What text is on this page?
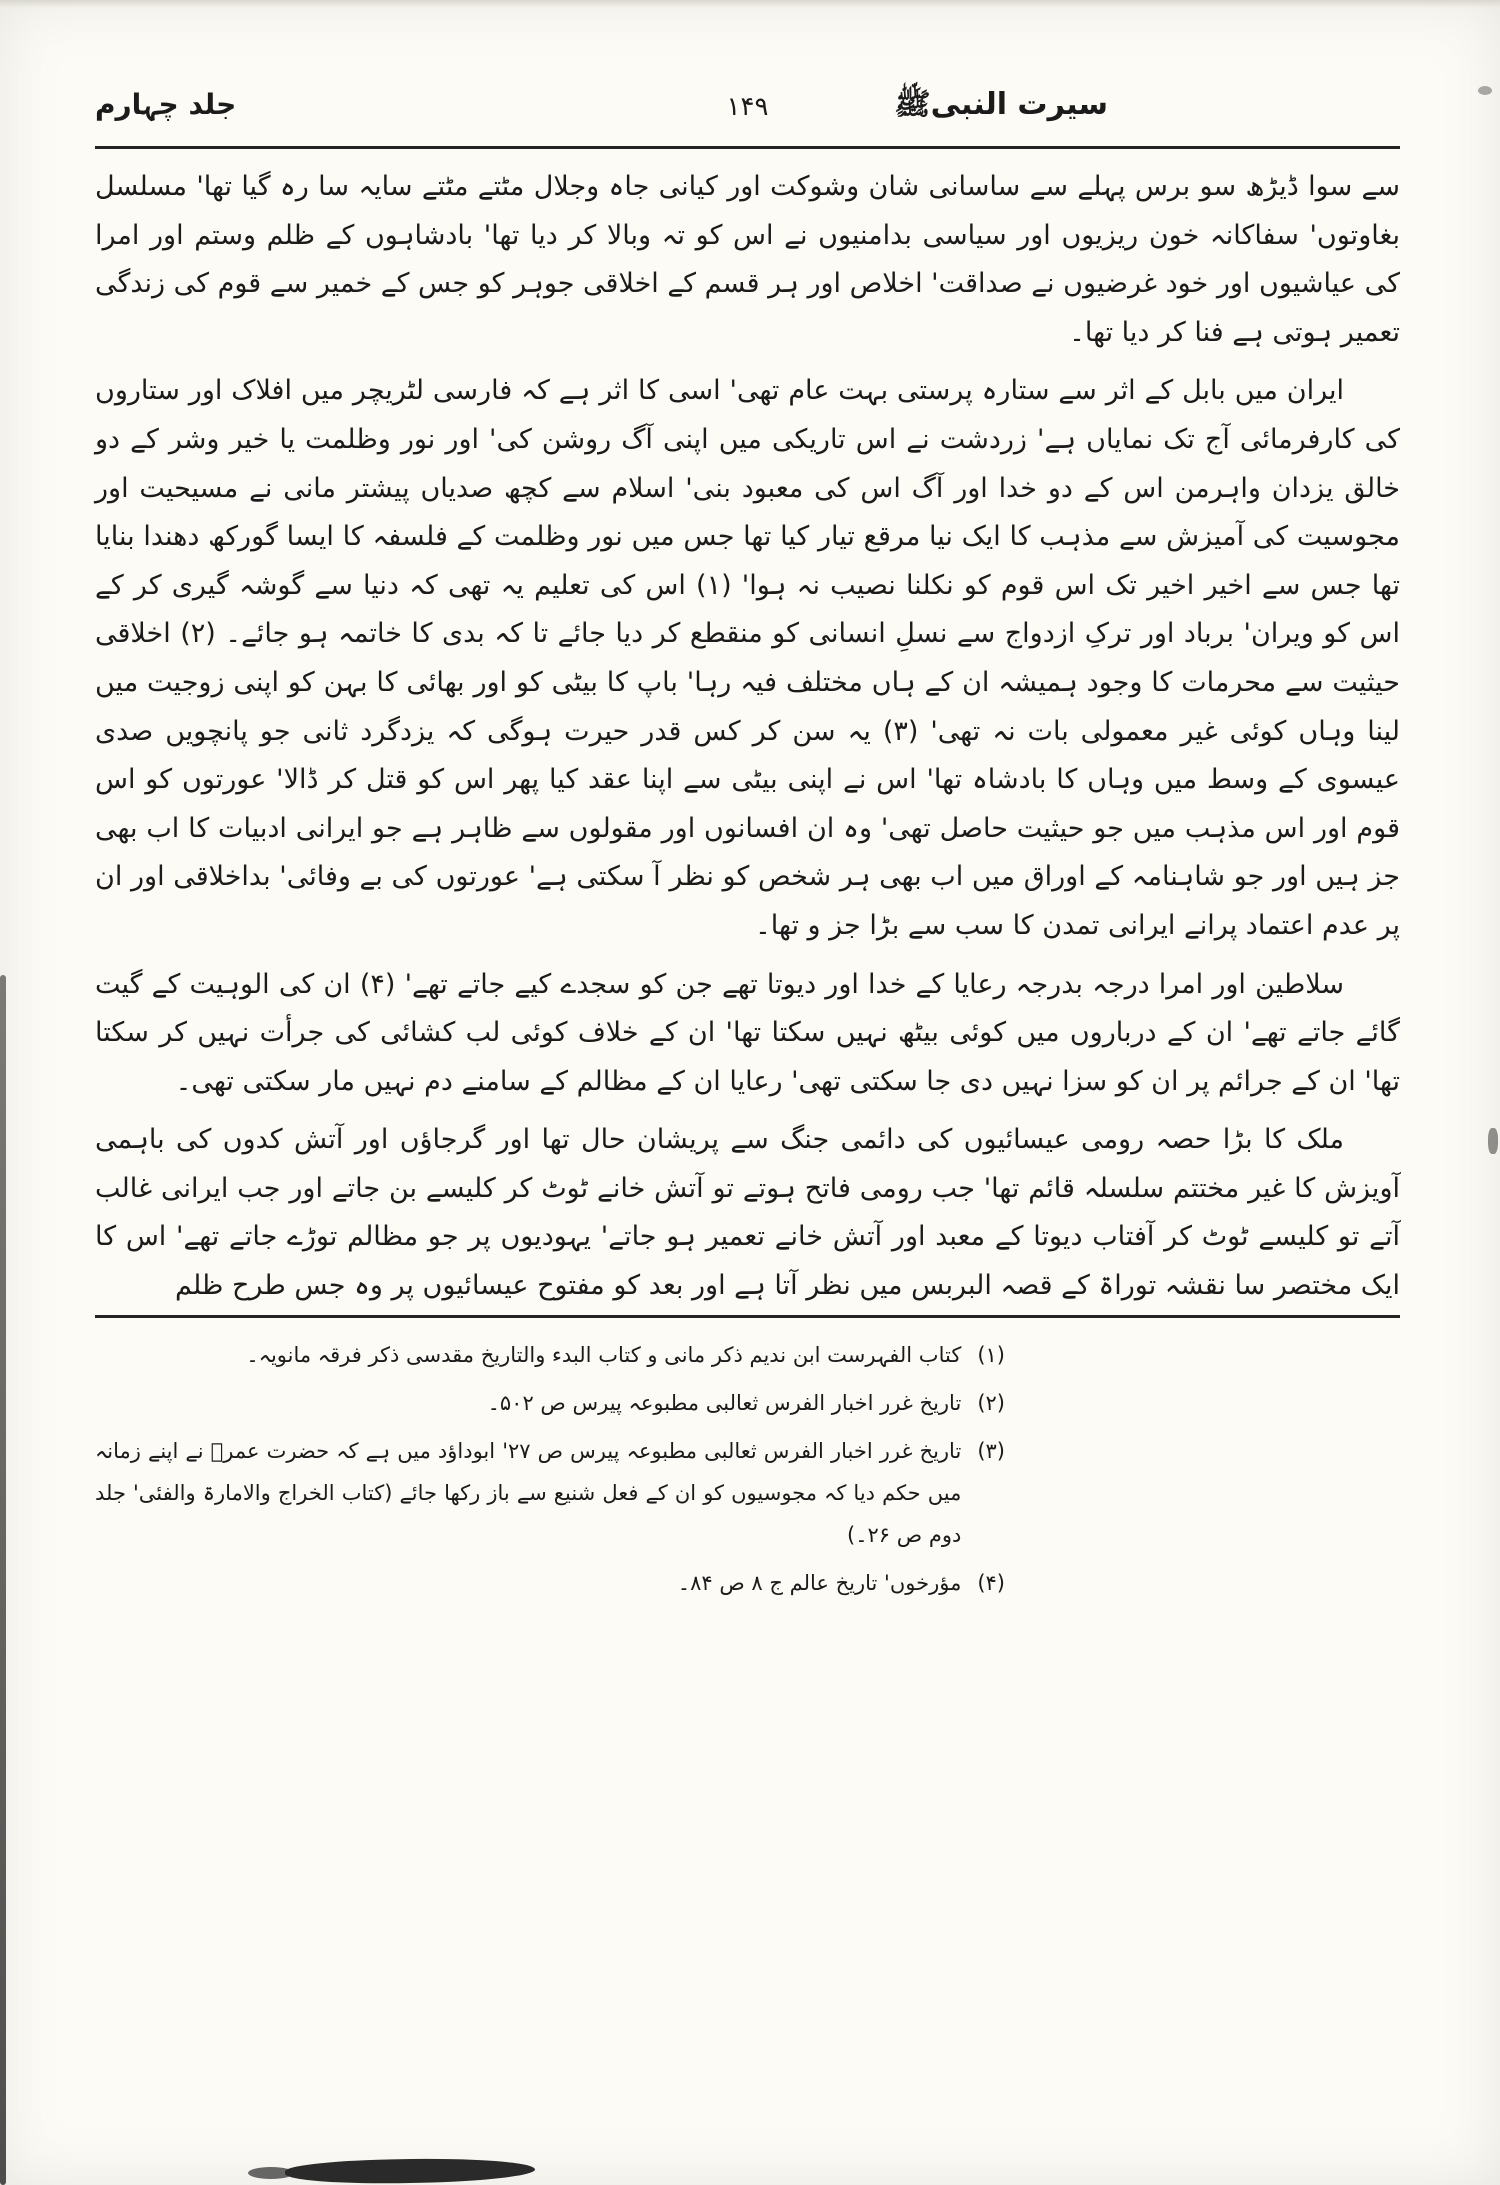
سیرت النبیﷺ
۱۴۹
جلد چہارم

سے سوا ڈیڑھ سو برس پہلے سے ساسانی شان وشوکت اور کیانی جاہ وجلال مٹتے مٹتے سایہ سا رہ گیا تھا' مسلسل بغاوتوں' سفاکانہ خون ریزیوں اور سیاسی بدامنیوں نے اس کو تہ وبالا کر دیا تھا' بادشاہوں کے ظلم وستم اور امرا کی عیاشیوں اور خود غرضیوں نے صداقت' اخلاص اور ہر قسم کے اخلاقی جوہر کو جس کے خمیر سے قوم کی زندگی تعمیر ہوتی ہے فنا کر دیا تھا۔

ایران میں بابل کے اثر سے ستارہ پرستی بہت عام تھی' اسی کا اثر ہے کہ فارسی لٹریچر میں افلاک اور ستاروں کی کارفرمائی آج تک نمایاں ہے' زردشت نے اس تاریکی میں اپنی آگ روشن کی' اور نور وظلمت یا خیر وشر کے دو خالق یزدان واہرمن اس کے دو خدا اور آگ اس کی معبود بنی' اسلام سے کچھ صدیاں پیشتر مانی نے مسیحیت اور مجوسیت کی آمیزش سے مذہب کا ایک نیا مرقع تیار کیا تھا جس میں نور وظلمت کے فلسفہ کا ایسا گورکھ دھندا بنایا تھا جس سے اخیر اخیر تک اس قوم کو نکلنا نصیب نہ ہوا' (۱) اس کی تعلیم یہ تھی کہ دنیا سے گوشہ گیری کر کے اس کو ویران' برباد اور ترکِ ازدواج سے نسلِ انسانی کو منقطع کر دیا جائے تا کہ بدی کا خاتمہ ہو جائے۔ (۲) اخلاقی حیثیت سے محرمات کا وجود ہمیشہ ان کے ہاں مختلف فیہ رہا' باپ کا بیٹی کو اور بھائی کا بہن کو اپنی زوجیت میں لینا وہاں کوئی غیر معمولی بات نہ تھی' (۳) یہ سن کر کس قدر حیرت ہوگی کہ یزدگرد ثانی جو پانچویں صدی عیسوی کے وسط میں وہاں کا بادشاہ تھا' اس نے اپنی بیٹی سے اپنا عقد کیا پھر اس کو قتل کر ڈالا' عورتوں کو اس قوم اور اس مذہب میں جو حیثیت حاصل تھی' وہ ان افسانوں اور مقولوں سے ظاہر ہے جو ایرانی ادبیات کا اب بھی جز ہیں اور جو شاہنامہ کے اوراق میں اب بھی ہر شخص کو نظر آ سکتی ہے' عورتوں کی بے وفائی' بداخلاقی اور ان پر عدم اعتماد پرانے ایرانی تمدن کا سب سے بڑا جز و تھا۔

سلاطین اور امرا درجہ بدرجہ رعایا کے خدا اور دیوتا تھے جن کو سجدے کیے جاتے تھے' (۴) ان کی الوہیت کے گیت گائے جاتے تھے' ان کے درباروں میں کوئی بیٹھ نہیں سکتا تھا' ان کے خلاف کوئی لب کشائی کی جرأت نہیں کر سکتا تھا' ان کے جرائم پر ان کو سزا نہیں دی جا سکتی تھی' رعایا ان کے مظالم کے سامنے دم نہیں مار سکتی تھی۔

ملک کا بڑا حصہ رومی عیسائیوں کی دائمی جنگ سے پریشان حال تھا اور گرجاؤں اور آتش کدوں کی باہمی آویزش کا غیر مختتم سلسلہ قائم تھا' جب رومی فاتح ہوتے تو آتش خانے ٹوٹ کر کلیسے بن جاتے اور جب ایرانی غالب آتے تو کلیسے ٹوٹ کر آفتاب دیوتا کے معبد اور آتش خانے تعمیر ہو جاتے' یہودیوں پر جو مظالم توڑے جاتے تھے' اس کا ایک مختصر سا نقشہ توراۃ کے قصہ البربس میں نظر آتا ہے اور بعد کو مفتوح عیسائیوں پر وہ جس طرح ظلم

(۱)
کتاب الفہرست ابن ندیم ذکر مانی و کتاب البدء والتاریخ مقدسی ذکر فرقہ مانویہ۔
(۲)
تاریخ غرر اخبار الفرس ثعالبی مطبوعہ پیرس ص ۵۰۲۔
(۳)
تاریخ غرر اخبار الفرس ثعالبی مطبوعہ پیرس ص ۲۷' ابوداؤد میں ہے کہ حضرت عمرؓ نے اپنے زمانہ میں حکم دیا کہ مجوسیوں کو ان کے فعل شنیع سے باز رکھا جائے (کتاب الخراج والامارۃ والفئی' جلد دوم ص ۲۶۔)
(۴)
مؤرخوں' تاریخ عالم ج ۸ ص ۸۴۔
